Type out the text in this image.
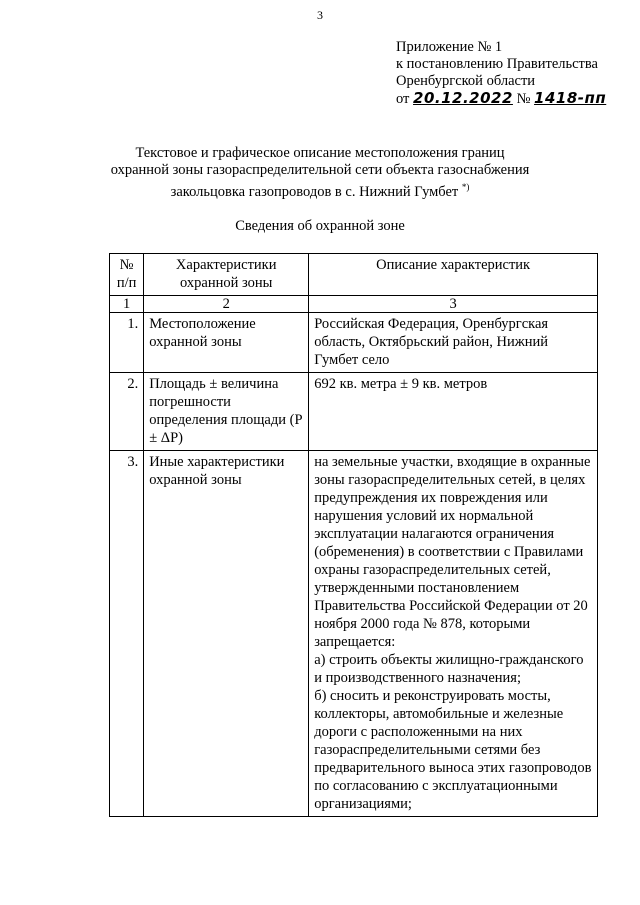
3
Приложение № 1
к постановлению Правительства
Оренбургской области
от 20.12.2022 № 1418-пп
Текстовое и графическое описание местоположения границ
охранной зоны газораспределительной сети объекта газоснабжения
закольцовка газопроводов в с. Нижний Гумбет *)
Сведения об охранной зоне
№ п/п	Характеристики охранной зоны	Описание характеристик
1	2	3
1.	Местоположение охранной зоны	Российская Федерация, Оренбургская область, Октябрьский район, Нижний Гумбет село

2.	Площадь ± величина погрешности определения площади (P ± ΔP)	692 кв. метра ± 9 кв. метров

3.	Иные характеристики охранной зоны	на земельные участки, входящие в охранные зоны газораспределительных сетей, в целях предупреждения их повреждения или нарушения условий их нормальной эксплуатации налагаются ограничения (обременения) в соответствии с Правилами охраны газораспределительных сетей, утвержденными постановлением Правительства Российской Федерации от 20 ноября 2000 года № 878, которыми запрещается:
а) строить объекты жилищно-гражданского и производственного назначения;
б) сносить и реконструировать мосты, коллекторы, автомобильные и железные дороги с расположенными на них газораспределительными сетями без предварительного выноса этих газопроводов по согласованию с эксплуатационными организациями;
